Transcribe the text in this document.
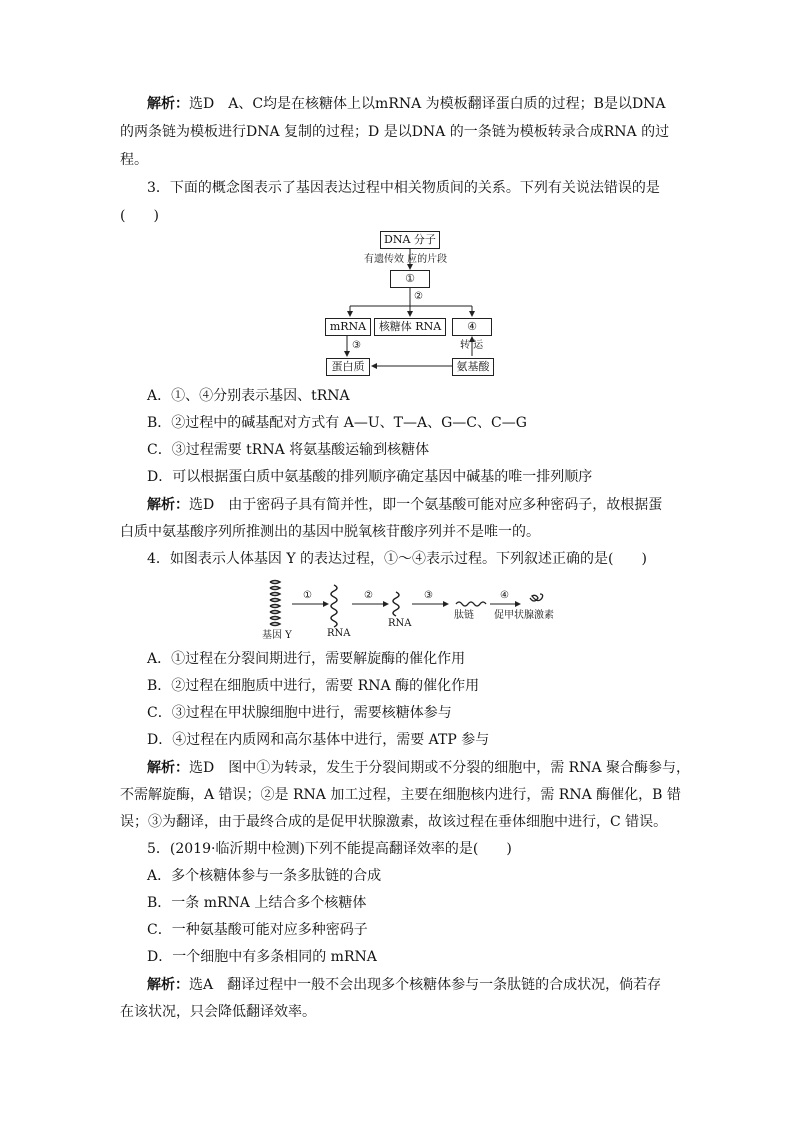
解析：选D　A、C均是在核糖体上以mRNA 为模板翻译蛋白质的过程；B是以DNA
的两条链为模板进行DNA 复制的过程；D 是以DNA 的一条链为模板转录合成RNA 的过
程。
3．下面的概念图表示了基因表达过程中相关物质间的关系。下列有关说法错误的是
(　　)
DNA 分子
有遗传效 应的片段
①
②
mRNA	核糖体 RNA	④
③	转 运
蛋白质	氨基酸
A．①、④分别表示基因、tRNA
B．②过程中的碱基配对方式有 A—U、T—A、G—C、C—G
C．③过程需要 tRNA 将氨基酸运输到核糖体
D．可以根据蛋白质中氨基酸的排列顺序确定基因中碱基的唯一排列顺序
解析：选D　由于密码子具有简并性，即一个氨基酸可能对应多种密码子，故根据蛋
白质中氨基酸序列所推测出的基因中脱氧核苷酸序列并不是唯一的。
4．如图表示人体基因 Y 的表达过程，①～④表示过程。下列叙述正确的是(　　)
①	②	③	④
基因 Y	RNA
RNA
肽链 促甲状腺激素
A．①过程在分裂间期进行，需要解旋酶的催化作用
B．②过程在细胞质中进行，需要 RNA 酶的催化作用
C．③过程在甲状腺细胞中进行，需要核糖体参与
D．④过程在内质网和高尔基体中进行，需要 ATP 参与
解析：选D　图中①为转录，发生于分裂间期或不分裂的细胞中，需 RNA 聚合酶参与，
不需解旋酶，A 错误；②是 RNA 加工过程，主要在细胞核内进行，需 RNA 酶催化，B 错
误；③为翻译，由于最终合成的是促甲状腺激素，故该过程在垂体细胞中进行，C 错误。
5．(2019·临沂期中检测)下列不能提高翻译效率的是(　　)
A．多个核糖体参与一条多肽链的合成
B．一条 mRNA 上结合多个核糖体
C．一种氨基酸可能对应多种密码子
D．一个细胞中有多条相同的 mRNA
解析：选A　翻译过程中一般不会出现多个核糖体参与一条肽链的合成状况，倘若存
在该状况，只会降低翻译效率。
